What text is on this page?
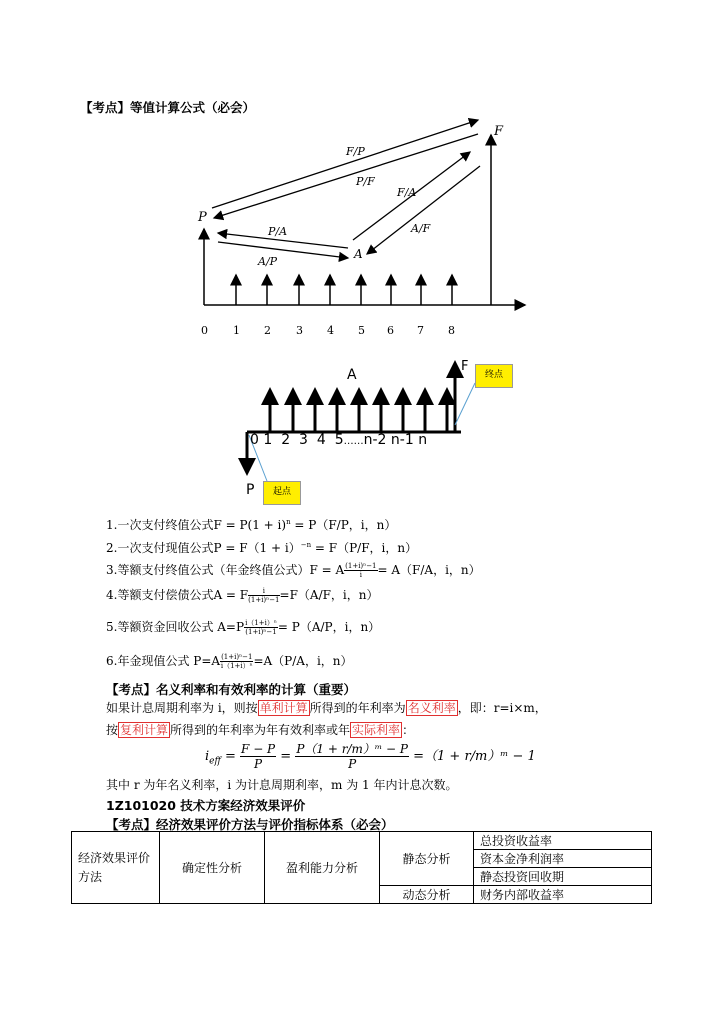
【考点】等值计算公式（必会）
P
F
A
F/P
P/F
F/A
A/F
P/A
A/P
0 1 2 3 4 5 6 7 8
A
F
P
终点
起点
0 1 2 3 4 5……n-2 n-1 n
1.一次支付终值公式$F = P(1 + i)^n = P(F/P$，i，n）
2.一次支付现值公式$P = F(1 + i)^{-n} = F(P/F$，i，n）
3.等额支付终值公式（年金终值公式）F = A $\frac{\text{(1+i)ⁿ−1}}{i} = A(F/A$，i，n）
4.等额支付偿债公式A = F $\frac{i}{\text{(1+i)ⁿ−1}} =F(A/F$，i，n）
5.等额资金回收公式 $A=P \frac{\text{i（1+i）ⁿ}}{\text{(1+i)ⁿ−1}} = P(A/P$，i，n）
6.年金现值公式 $P=A \frac{\text{(1+i)ⁿ−1}}{\text{i（1+i）ⁿ}} =A(P/A$，i，n）
【考点】名义利率和有效利率的计算（重要）
如果计息周期利率为 i，则按 单利计算 所得到的年利率为 名义利率 ，即：r=i×m，
按 复利计算 所得到的年利率为年有效利率或年 实际利率 ：
$i_{eff} = \frac{F - P}{P} = \frac{\text{P（1 + r/m）ᵐ − P}}{P} =(1$ + r/m）ᵐ − 1
其中 r 为年名义利率，i 为计息周期利率，m 为 1 年内计息次数。
1Z101020 技术方案经济效果评价
【考点】经济效果评价方法与评价指标体系（必会）
经济效果评价方法	确定性分析	盈利能力分析	静态分析	总投资收益率
				资本金净利润率
				静态投资回收期
			动态分析	财务内部收益率
